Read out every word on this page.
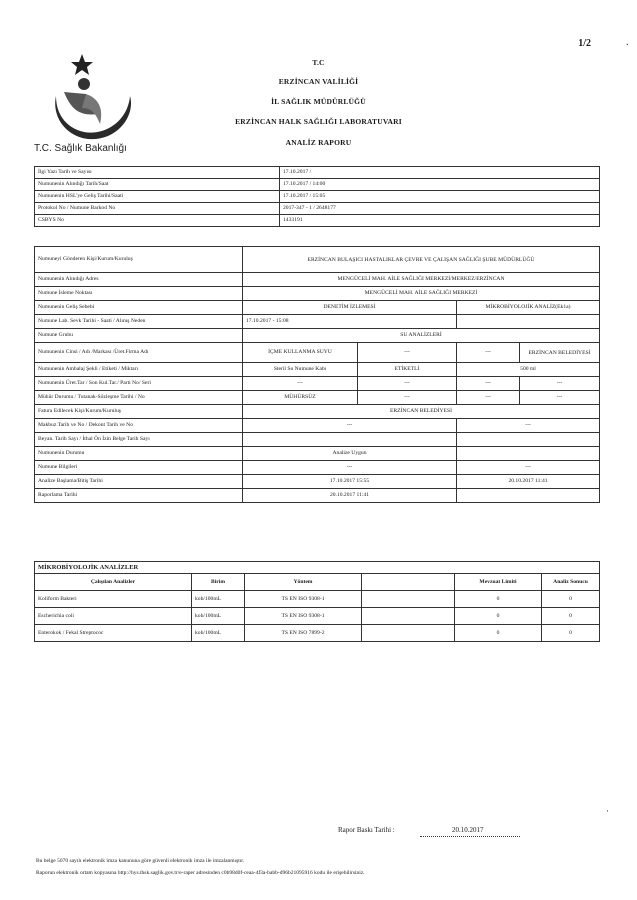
1/2	·
T.C. Sağlık Bakanlığı
T.C
ERZİNCAN VALİLİĞİ
İL SAĞLIK MÜDÜRLÜĞÜ
ERZİNCAN HALK SAĞLIĞI LABORATUVARI
ANALİZ RAPORU
İlgi Yazı Tarih ve Sayısı	17.10.2017 /
Numunenin Alındığı Tarih/Saat	17.10.2017 / 14:00
Numunenin HSL'ye Geliş Tarihi/Saati	17.10.2017 / 15:05
Protokol No / Numune Barkod No	2017-347 - 1 / 2648177
CSBYS No	1433191
Numuneyi Gönderen Kişi/Kurum/Kuruluş	ERZİNCAN BULAŞICI HASTALIKLAR ÇEVRE VE ÇALIŞAN SAĞLIĞI ŞUBE MÜDÜRLÜĞÜ			
Numunenin Alındığı Adres	MENGÜCELİ MAH. AİLE SAĞLIĞI MERKEZİ/MERKEZ/ERZİNCAN			
Numune İsleme Noktası	MENGÜCELİ MAH. AİLE SAĞLIĞI MERKEZİ			
Numunenin Geliş Sebebi	DENETİM İZLEMESİ		MİKROBİYOLOJİK ANALİZ(Ek1a)	
Numune Lab. Sevk Tarihi - Saati / Alınış Neden	17.10.2017 - 15:08			
Numune Grubu	SU ANALİZLERİ			
Numunenin Cinsi / Adı /Markası /Üret.Firma Adı	İÇME KULLANMA SUYU	---	---	ERZİNCAN BELEDİYESİ
Numunenin Ambalaj Şekli / Etiketi / Miktarı	Steril Su Numune Kabı	ETİKETLİ	500 ml	
Numunenin Üret.Tar / Son Kul.Tar./ Parti No/ Seri	---	---	---	---
Mühür Durumu / Tutanak-Sözleşme Tarihi / No	MÜHÜRSÜZ	---	---	---
Fatura Edilecek Kişi/Kurum/Kuruluş	ERZİNCAN BELEDİYESİ			
Makbuz Tarih ve No / Dekont Tarih ve No	---		---	
Beyan. Tarih Sayı / İthal Ön İzin Belge Tarih Sayı				
Numunenin Durumu	Analize Uygun			
Numune Bilgileri	---		---	
Analize Başlama/Bitiş Tarihi	17.10.2017 15:55		20.10.2017 11:41	
Raporlama Tarihi	20.10.2017 11:41			
MİKROBİYOLOJİK ANALİZLER					
Çalışılan Analizler	Birim	Yöntem		Mevzuat Limiti	Analiz Sonucu
Koliform Bakteri	kob/100mL	TS EN ISO 9308-1		0	0
Escherichia coli	kob/100mL	TS EN ISO 9308-1		0	0
Enterokok / Fekal Streptococ	kob/100mL	TS EN ISO 7899-2		0	0
·
Rapor Baskı Tarihi :	20.10.2017
Bu belge 5070 sayılı elektronik imza kanununa göre güvenli elektronik imza ile imzalanmıştır.
Raporun elektronik ortam kopyasına http://hys.thsk.saglik.gov.tr/e-raper adresinden c0b98d0f-ceaa-4f3a-babb-d96b21095916 kodu ile erişebilirsiniz.
